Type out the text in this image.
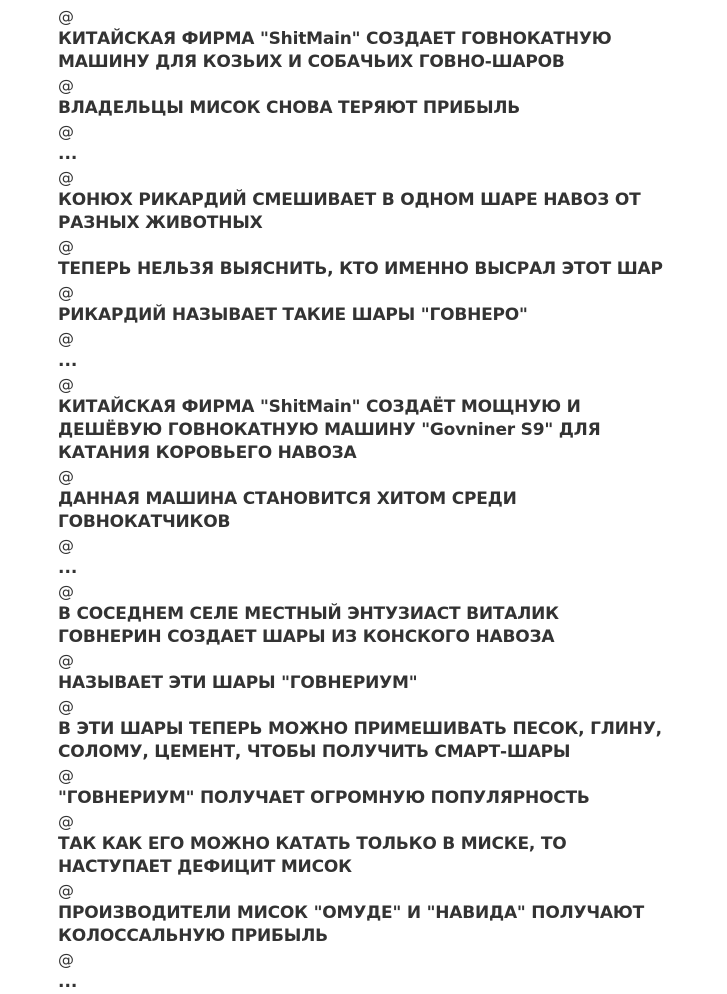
@
КИТАЙСКАЯ ФИРМА "ShitMain" СОЗДАЕТ ГОВНОКАТНУЮ
МАШИНУ ДЛЯ КОЗЬИХ И СОБАЧЬИХ ГОВНО-ШАРОВ
@
ВЛАДЕЛЬЦЫ МИСОК СНОВА ТЕРЯЮТ ПРИБЫЛЬ
@
...
@
КОНЮХ РИКАРДИЙ СМЕШИВАЕТ В ОДНОМ ШАРЕ НАВОЗ ОТ
РАЗНЫХ ЖИВОТНЫХ
@
ТЕПЕРЬ НЕЛЬЗЯ ВЫЯСНИТЬ, КТО ИМЕННО ВЫСРАЛ ЭТОТ ШАР
@
РИКАРДИЙ НАЗЫВАЕТ ТАКИЕ ШАРЫ "ГОВНЕРО"
@
...
@
КИТАЙСКАЯ ФИРМА "ShitMain" СОЗДАЁТ МОЩНУЮ И
ДЕШЁВУЮ ГОВНОКАТНУЮ МАШИНУ "Govniner S9" ДЛЯ
КАТАНИЯ КОРОВЬЕГО НАВОЗА
@
ДАННАЯ МАШИНА СТАНОВИТСЯ ХИТОМ СРЕДИ
ГОВНОКАТЧИКОВ
@
...
@
В СОСЕДНЕМ СЕЛЕ МЕСТНЫЙ ЭНТУЗИАСТ ВИТАЛИК
ГОВНЕРИН СОЗДАЕТ ШАРЫ ИЗ КОНСКОГО НАВОЗА
@
НАЗЫВАЕТ ЭТИ ШАРЫ "ГОВНЕРИУМ"
@
В ЭТИ ШАРЫ ТЕПЕРЬ МОЖНО ПРИМЕШИВАТЬ ПЕСОК, ГЛИНУ,
СОЛОМУ, ЦЕМЕНТ, ЧТОБЫ ПОЛУЧИТЬ СМАРТ-ШАРЫ
@
"ГОВНЕРИУМ" ПОЛУЧАЕТ ОГРОМНУЮ ПОПУЛЯРНОСТЬ
@
ТАК КАК ЕГО МОЖНО КАТАТЬ ТОЛЬКО В МИСКЕ, ТО
НАСТУПАЕТ ДЕФИЦИТ МИСОК
@
ПРОИЗВОДИТЕЛИ МИСОК "ОМУДЕ" И "НАВИДА" ПОЛУЧАЮТ
КОЛОССАЛЬНУЮ ПРИБЫЛЬ
@
...
